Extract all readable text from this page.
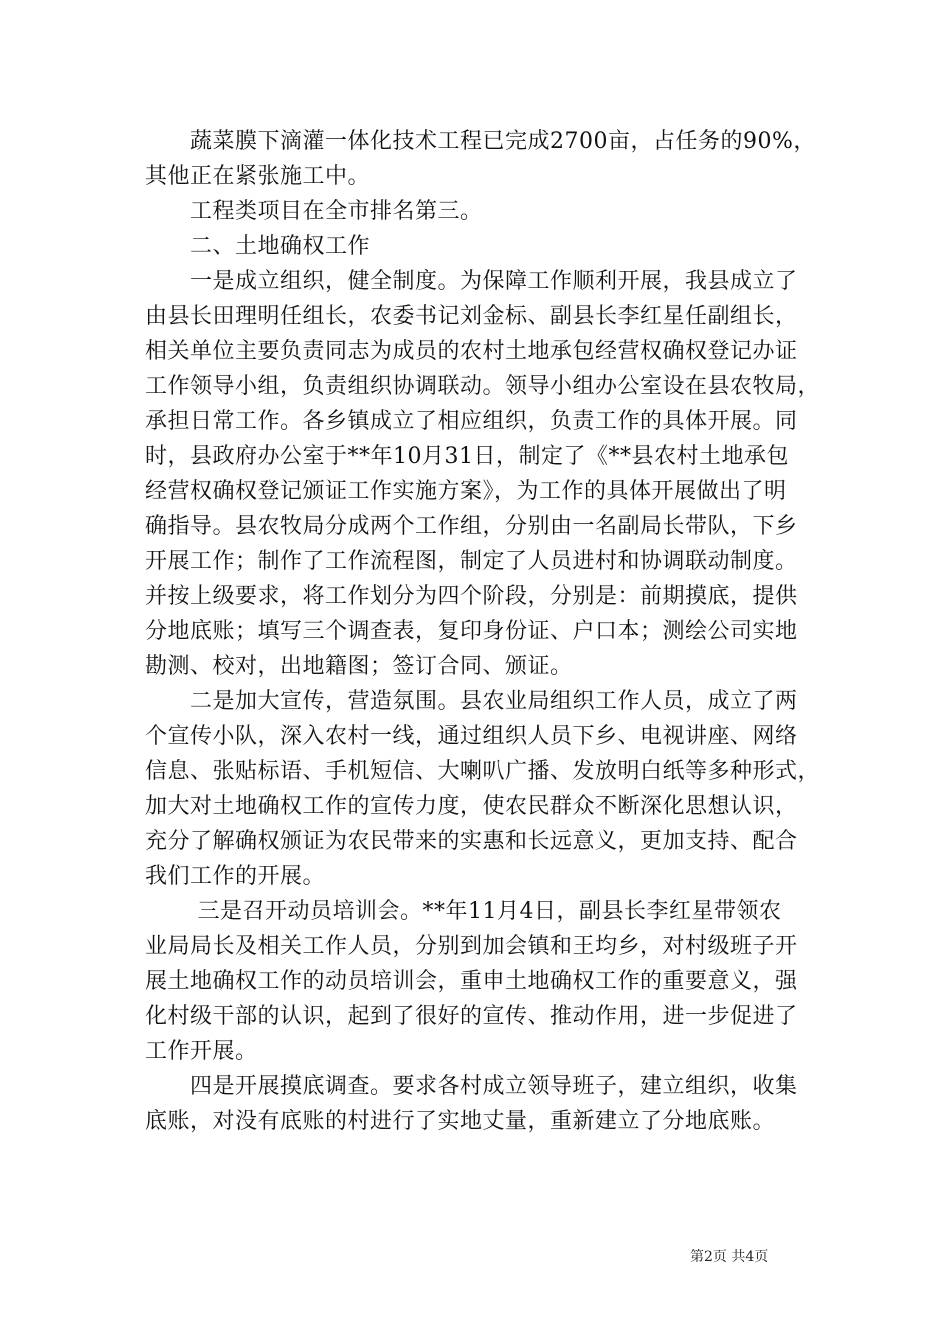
　　蔬菜膜下滴灌一体化技术工程已完成2700亩，占任务的90%，
其他正在紧张施工中。
　　工程类项目在全市排名第三。
　　二、土地确权工作
　　一是成立组织，健全制度。为保障工作顺利开展，我县成立了
由县长田理明任组长，农委书记刘金标、副县长李红星任副组长，
相关单位主要负责同志为成员的农村土地承包经营权确权登记办证
工作领导小组，负责组织协调联动。领导小组办公室设在县农牧局，
承担日常工作。各乡镇成立了相应组织，负责工作的具体开展。同
时，县政府办公室于**年10月31日，制定了《**县农村土地承包
经营权确权登记颁证工作实施方案》，为工作的具体开展做出了明
确指导。县农牧局分成两个工作组，分别由一名副局长带队，下乡
开展工作；制作了工作流程图，制定了人员进村和协调联动制度。
并按上级要求，将工作划分为四个阶段，分别是：前期摸底，提供
分地底账；填写三个调查表，复印身份证、户口本；测绘公司实地
勘测、校对，出地籍图；签订合同、颁证。
　　二是加大宣传，营造氛围。县农业局组织工作人员，成立了两
个宣传小队，深入农村一线，通过组织人员下乡、电视讲座、网络
信息、张贴标语、手机短信、大喇叭广播、发放明白纸等多种形式，
加大对土地确权工作的宣传力度，使农民群众不断深化思想认识，
充分了解确权颁证为农民带来的实惠和长远意义，更加支持、配合
我们工作的开展。
　　 三是召开动员培训会。**年11月4日，副县长李红星带领农
业局局长及相关工作人员，分别到加会镇和王均乡，对村级班子开
展土地确权工作的动员培训会，重申土地确权工作的重要意义，强
化村级干部的认识，起到了很好的宣传、推动作用，进一步促进了
工作开展。
　　四是开展摸底调查。要求各村成立领导班子，建立组织，收集
底账，对没有底账的村进行了实地丈量，重新建立了分地底账。
第2页 共4页
